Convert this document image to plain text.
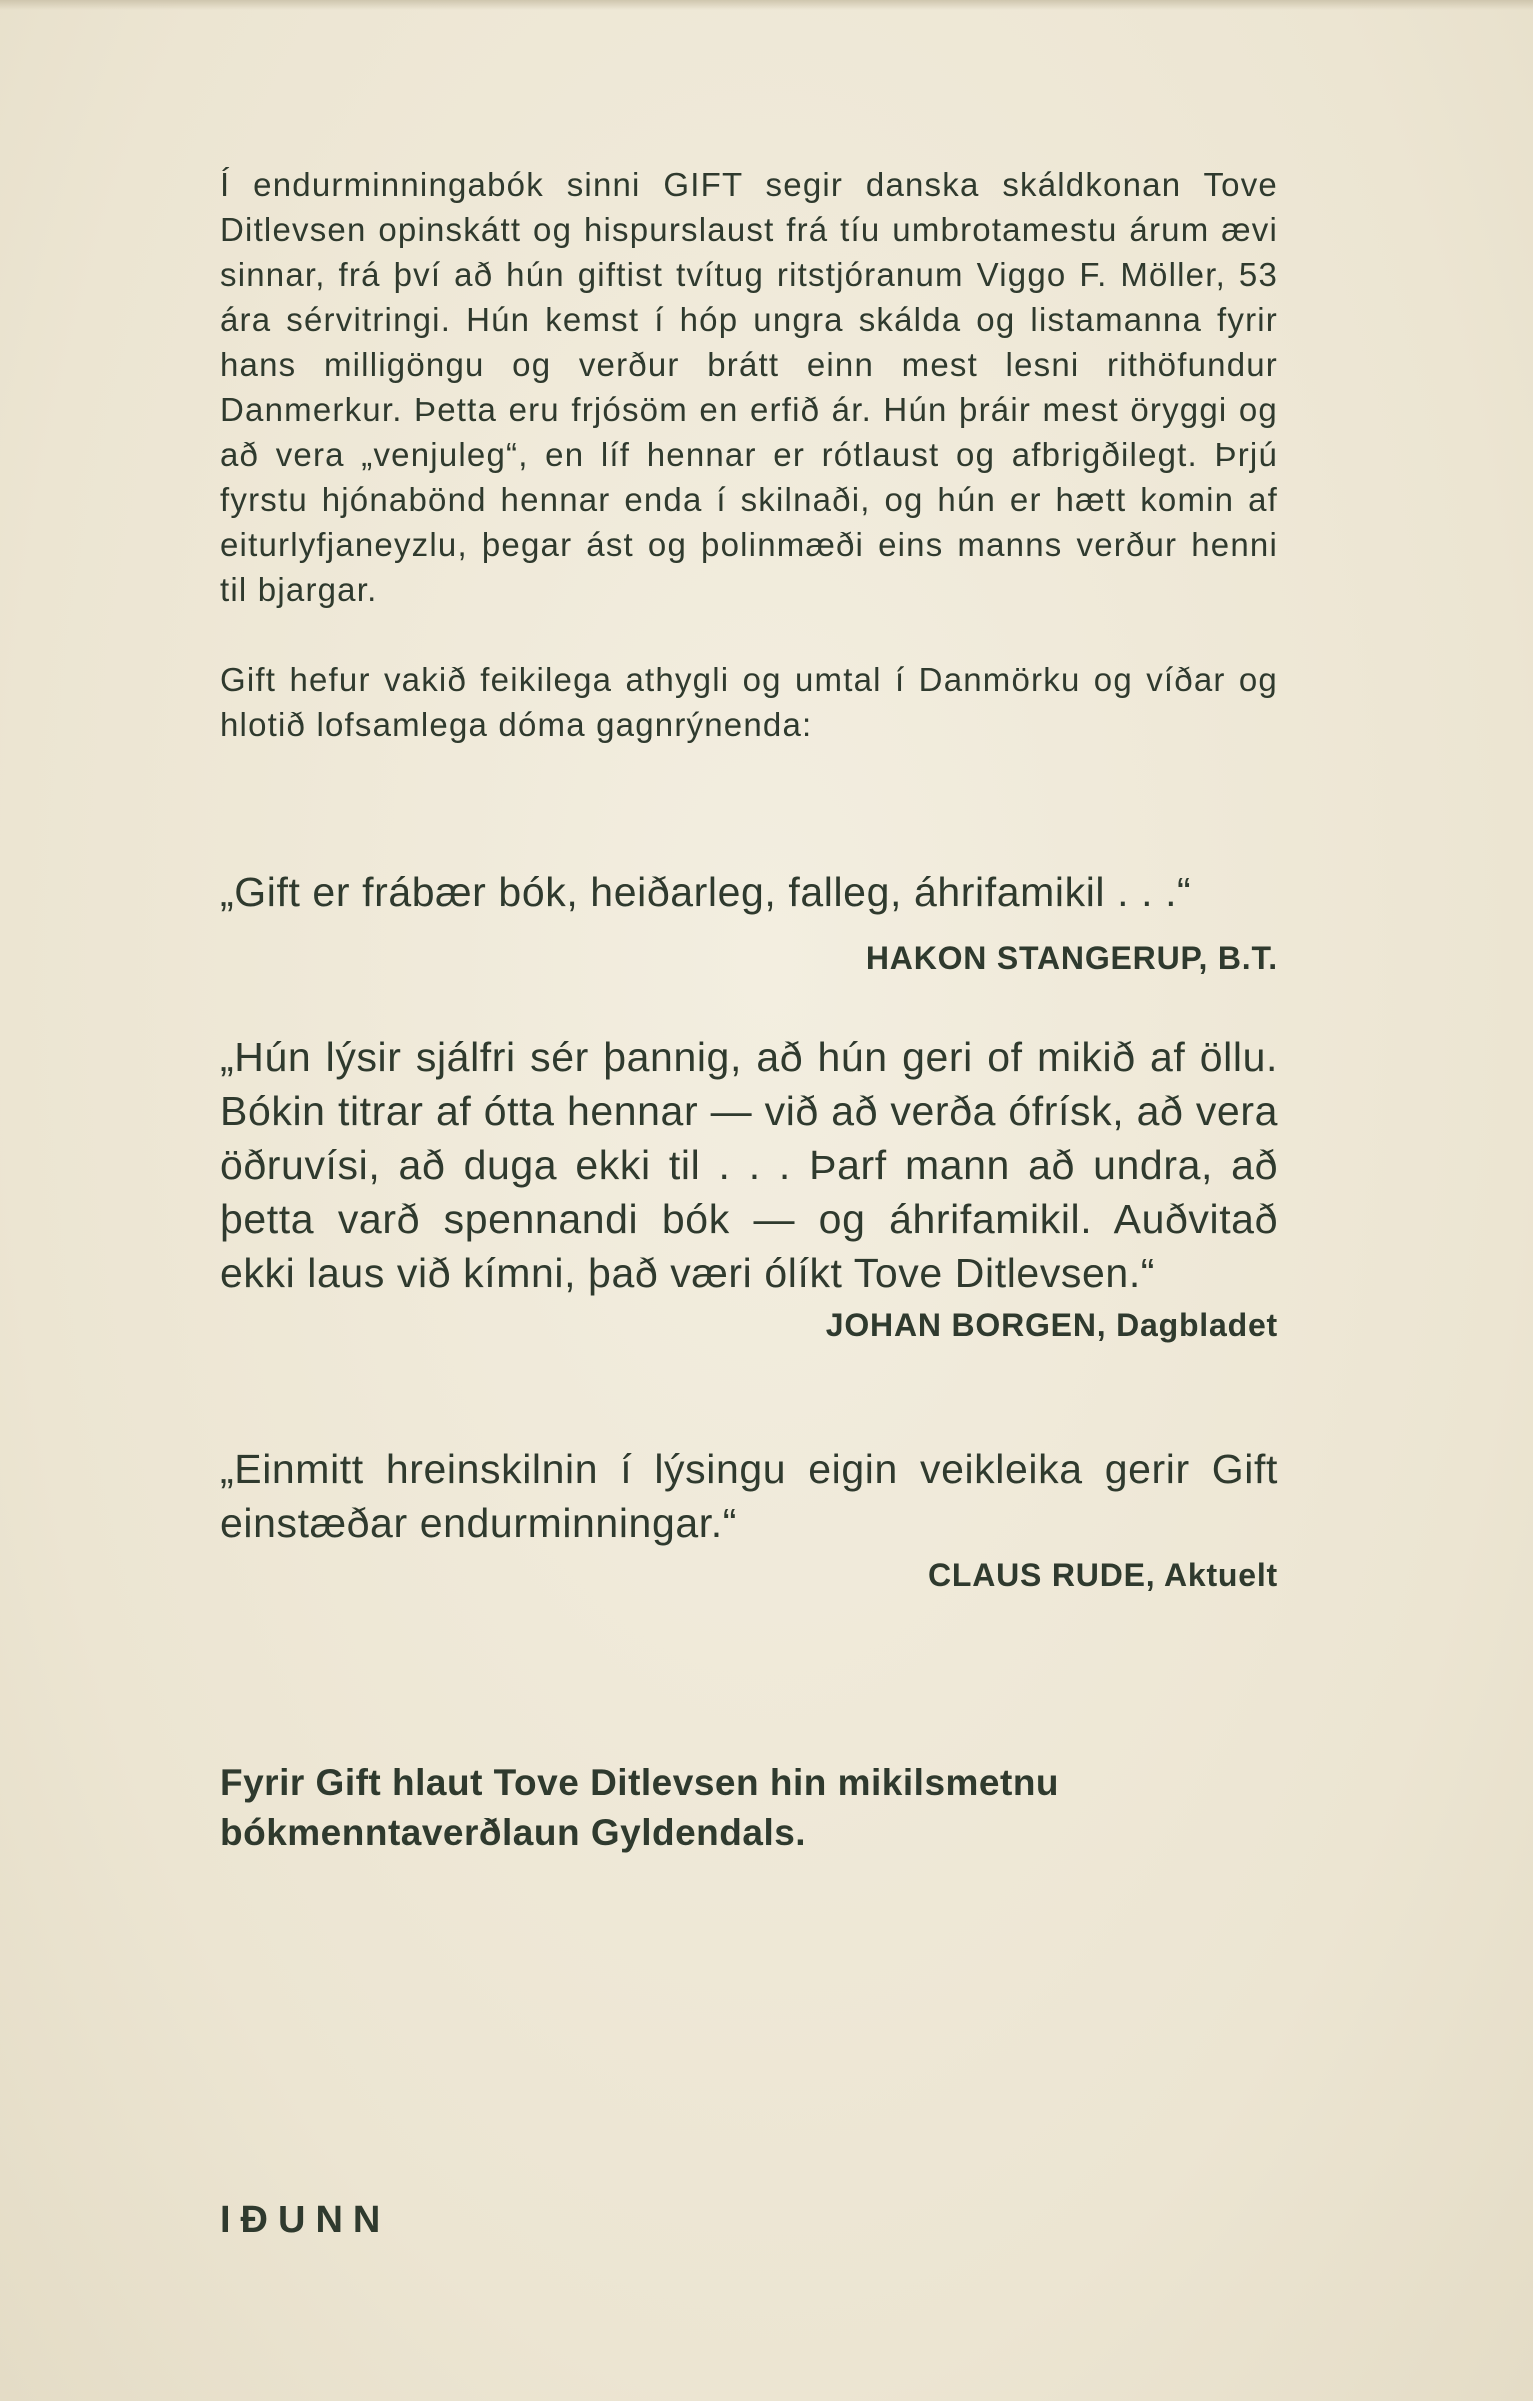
Í endurminningabók sinni GIFT segir danska skáldkonan Tove Ditlevsen opinskátt og hispurslaust frá tíu umbrotamestu árum ævi sinnar, frá því að hún giftist tvítug ritstjóranum Viggo F. Möller, 53 ára sérvitringi. Hún kemst í hóp ungra skálda og listamanna fyrir hans milligöngu og verður brátt einn mest lesni rithöfundur Danmerkur. Þetta eru frjósöm en erfið ár. Hún þráir mest öryggi og að vera „venjuleg“, en líf hennar er rótlaust og afbrigðilegt. Þrjú fyrstu hjónabönd hennar enda í skilnaði, og hún er hætt komin af eiturlyfjaneyzlu, þegar ást og þolinmæði eins manns verður henni til bjargar.

Gift hefur vakið feikilega athygli og umtal í Danmörku og víðar og hlotið lofsamlega dóma gagnrýnenda:

„Gift er frábær bók, heiðarleg, falleg, áhrifamikil . . .“

HAKON STANGERUP, B.T.

„Hún lýsir sjálfri sér þannig, að hún geri of mikið af öllu. Bókin titrar af ótta hennar — við að verða ófrísk, að vera öðruvísi, að duga ekki til . . . Þarf mann að undra, að þetta varð spennandi bók — og áhrifamikil. Auðvitað ekki laus við kímni, það væri ólíkt Tove Ditlevsen.“

JOHAN BORGEN, Dagbladet

„Einmitt hreinskilnin í lýsingu eigin veikleika gerir Gift einstæðar endurminningar.“

CLAUS RUDE, Aktuelt

Fyrir Gift hlaut Tove Ditlevsen hin mikilsmetnu bókmenntaverðlaun Gyldendals.

IÐUNN
